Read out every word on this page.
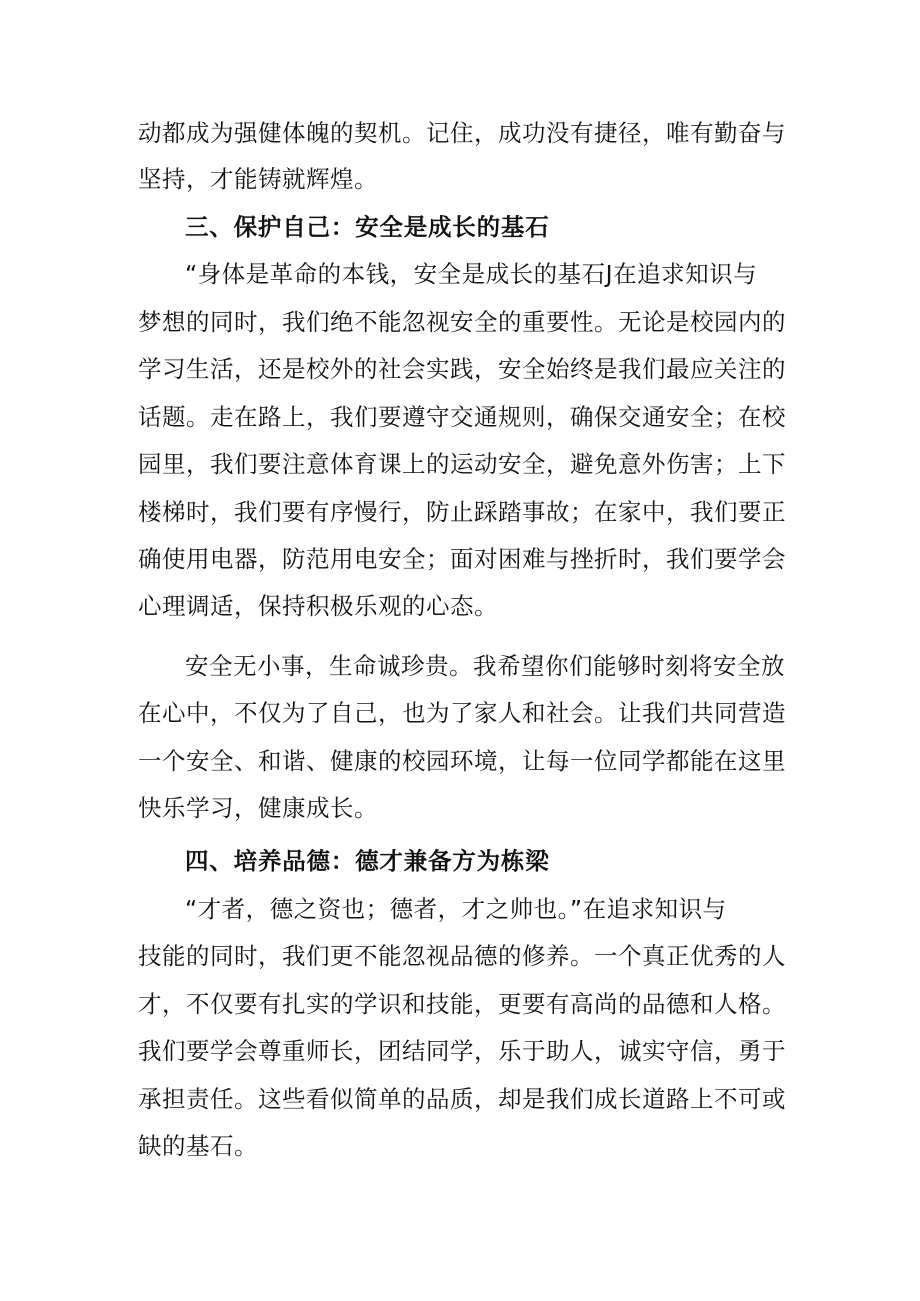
动都成为强健体魄的契机。记住，成功没有捷径，唯有勤奋与
坚持，才能铸就辉煌。
三、保护自己：安全是成长的基石
“身体是革命的本钱，安全是成长的基石J在追求知识与
梦想的同时，我们绝不能忽视安全的重要性。无论是校园内的
学习生活，还是校外的社会实践，安全始终是我们最应关注的
话题。走在路上，我们要遵守交通规则，确保交通安全；在校
园里，我们要注意体育课上的运动安全，避免意外伤害；上下
楼梯时，我们要有序慢行，防止踩踏事故；在家中，我们要正
确使用电器，防范用电安全；面对困难与挫折时，我们要学会
心理调适，保持积极乐观的心态。
安全无小事，生命诚珍贵。我希望你们能够时刻将安全放
在心中，不仅为了自己，也为了家人和社会。让我们共同营造
一个安全、和谐、健康的校园环境，让每一位同学都能在这里
快乐学习，健康成长。
四、培养品德：德才兼备方为栋梁
“才者，德之资也；德者，才之帅也。”在追求知识与
技能的同时，我们更不能忽视品德的修养。一个真正优秀的人
才，不仅要有扎实的学识和技能，更要有高尚的品德和人格。
我们要学会尊重师长，团结同学，乐于助人，诚实守信，勇于
承担责任。这些看似简单的品质，却是我们成长道路上不可或
缺的基石。
